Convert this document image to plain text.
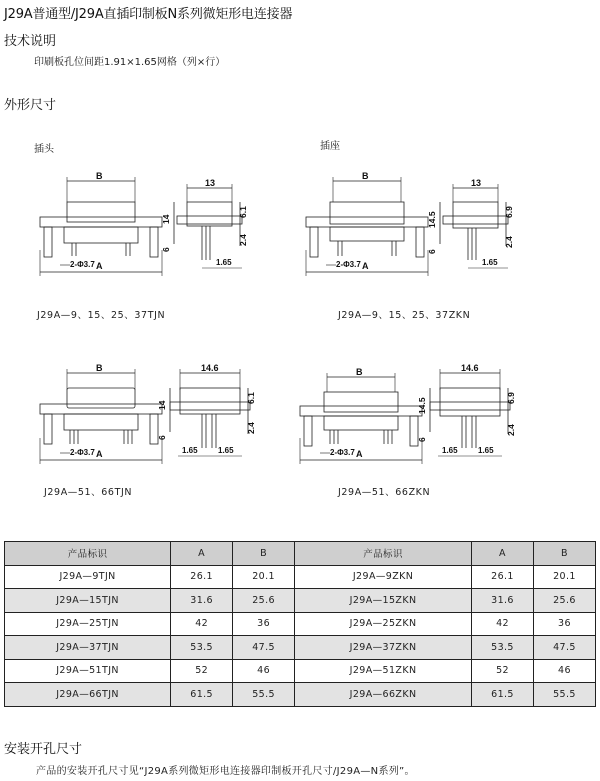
J29A普通型/J29A直插印制板N系列微矩形电连接器
技术说明
印刷板孔位间距1.91×1.65网格（列×行）
外形尺寸
插头	插座
B
A
2-Φ3.7
13
14
6
6.1
2.4
1.65
J29A—9、15、25、37TJN
B
A
2-Φ3.7
13
14.5
6
6.9
2.4
1.65
J29A—9、15、25、37ZKN
B
A
2-Φ3.7
14.6
14
6
6.1
2.4
1.65	1.65
J29A—51、66TJN
B
A
2-Φ3.7
14.6
14.5
6
6.9
2.4
1.65	1.65
J29A—51、66ZKN
产品标识	A	B	产品标识	A	B
J29A—9TJN	26.1	20.1	J29A—9ZKN	26.1	20.1
J29A—15TJN	31.6	25.6	J29A—15ZKN	31.6	25.6
J29A—25TJN	42	36	J29A—25ZKN	42	36
J29A—37TJN	53.5	47.5	J29A—37ZKN	53.5	47.5
J29A—51TJN	52	46	J29A—51ZKN	52	46
J29A—66TJN	61.5	55.5	J29A—66ZKN	61.5	55.5
安装开孔尺寸
产品的安装开孔尺寸见“J29A系列微矩形电连接器印制板开孔尺寸/J29A—N系列”。
